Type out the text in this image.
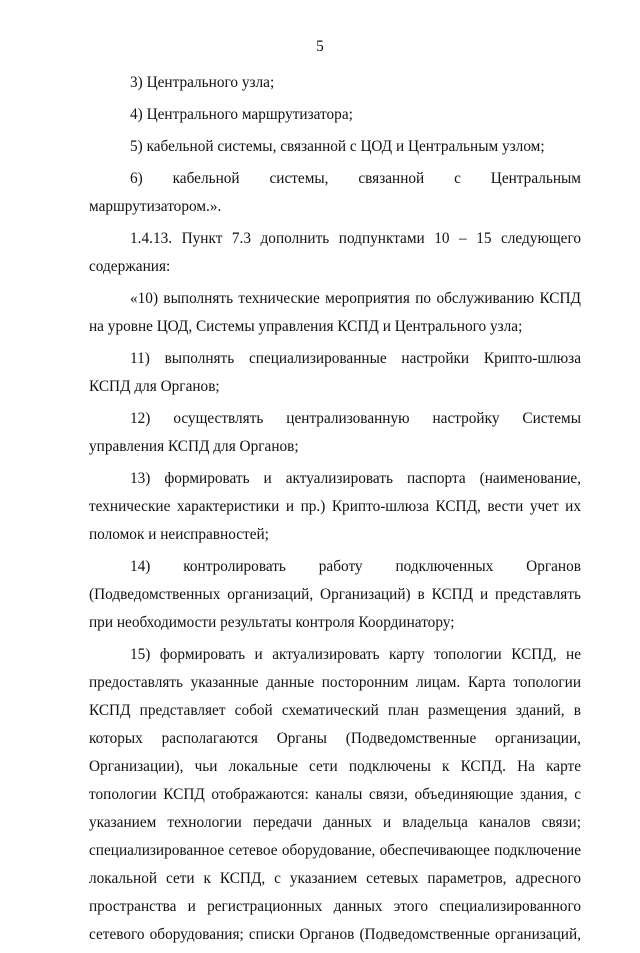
5

3) Центрального узла;

4) Центрального маршрутизатора;

5) кабельной системы, связанной с ЦОД и Центральным узлом;

6) кабельной системы, связанной с Центральным маршрутизатором.».

1.4.13. Пункт 7.3 дополнить подпунктами 10 – 15 следующего содержания:

«10) выполнять технические мероприятия по обслуживанию КСПД на уровне ЦОД, Системы управления КСПД и Центрального узла;

11) выполнять специализированные настройки Крипто-шлюза КСПД для Органов;

12) осуществлять централизованную настройку Системы управления КСПД для Органов;

13) формировать и актуализировать паспорта (наименование, технические характеристики и пр.) Крипто-шлюза КСПД, вести учет их поломок и неисправностей;

14) контролировать работу подключенных Органов (Подведомственных организаций, Организаций) в КСПД и представлять при необходимости результаты контроля Координатору;

15) формировать и актуализировать карту топологии КСПД, не предоставлять указанные данные посторонним лицам. Карта топологии КСПД представляет собой схематический план размещения зданий, в которых располагаются Органы (Подведомственные организации, Организации), чьи локальные сети подключены к КСПД. На карте топологии КСПД отображаются: каналы связи, объединяющие здания, с указанием технологии передачи данных и владельца каналов связи; специализированное сетевое оборудование, обеспечивающее подключение локальной сети к КСПД, с указанием сетевых параметров, адресного пространства и регистрационных данных этого специализированного сетевого оборудования; списки Органов (Подведомственные организаций,
